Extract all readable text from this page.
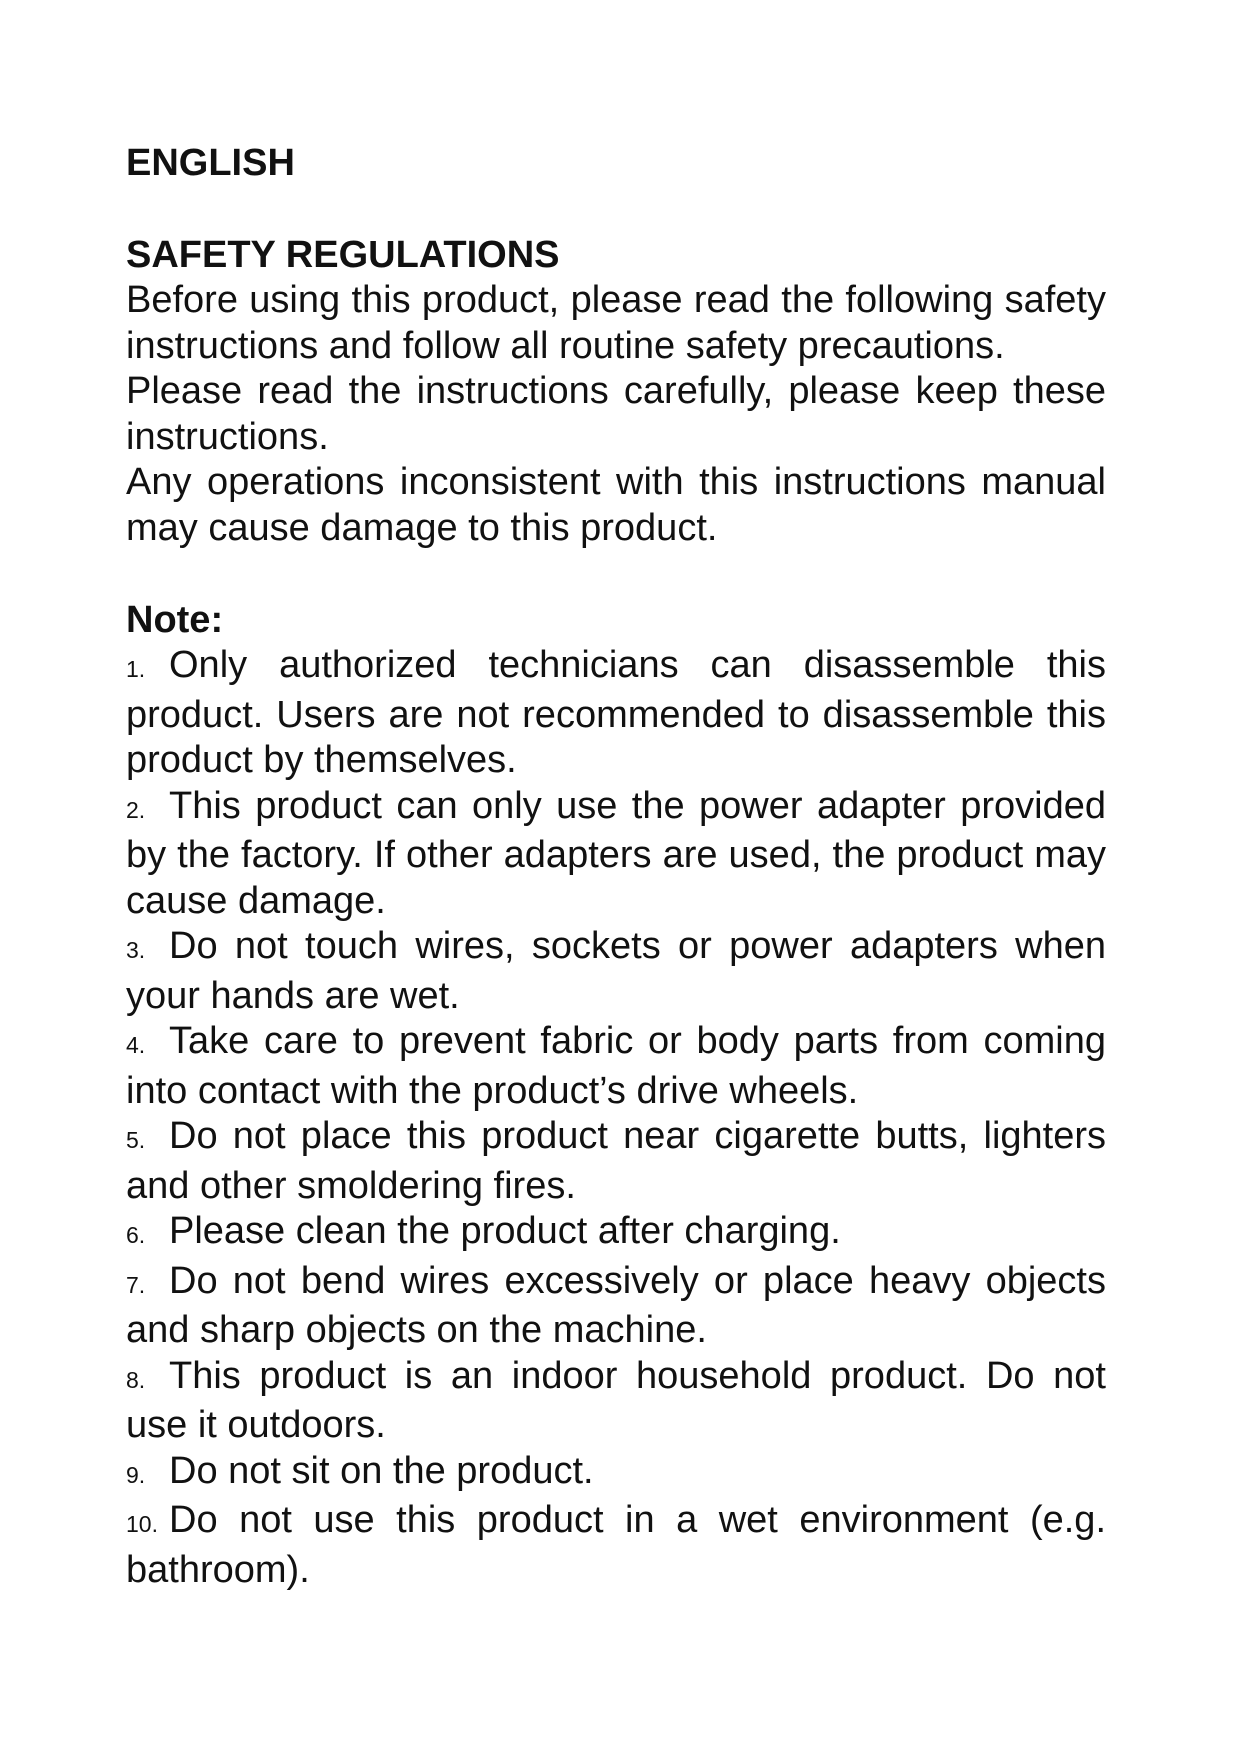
ENGLISH
SAFETY REGULATIONS

Before using this product, please read the following safety instructions and follow all routine safety precautions.

Please read the instructions carefully, please keep these instructions.

Any operations inconsistent with this instructions manual may cause damage to this product.

Note:
1. Only authorized technicians can disassemble this product. Users are not recommended to disassemble this product by themselves.
2. This product can only use the power adapter provided by the factory. If other adapters are used, the product may cause damage.
3. Do not touch wires, sockets or power adapters when your hands are wet.
4. Take care to prevent fabric or body parts from coming into contact with the product’s drive wheels.
5. Do not place this product near cigarette butts, lighters and other smoldering fires.
6. Please clean the product after charging.
7. Do not bend wires excessively or place heavy objects and sharp objects on the machine.
8. This product is an indoor household product. Do not use it outdoors.
9. Do not sit on the product.
10. Do not use this product in a wet environment (e.g. bathroom).
